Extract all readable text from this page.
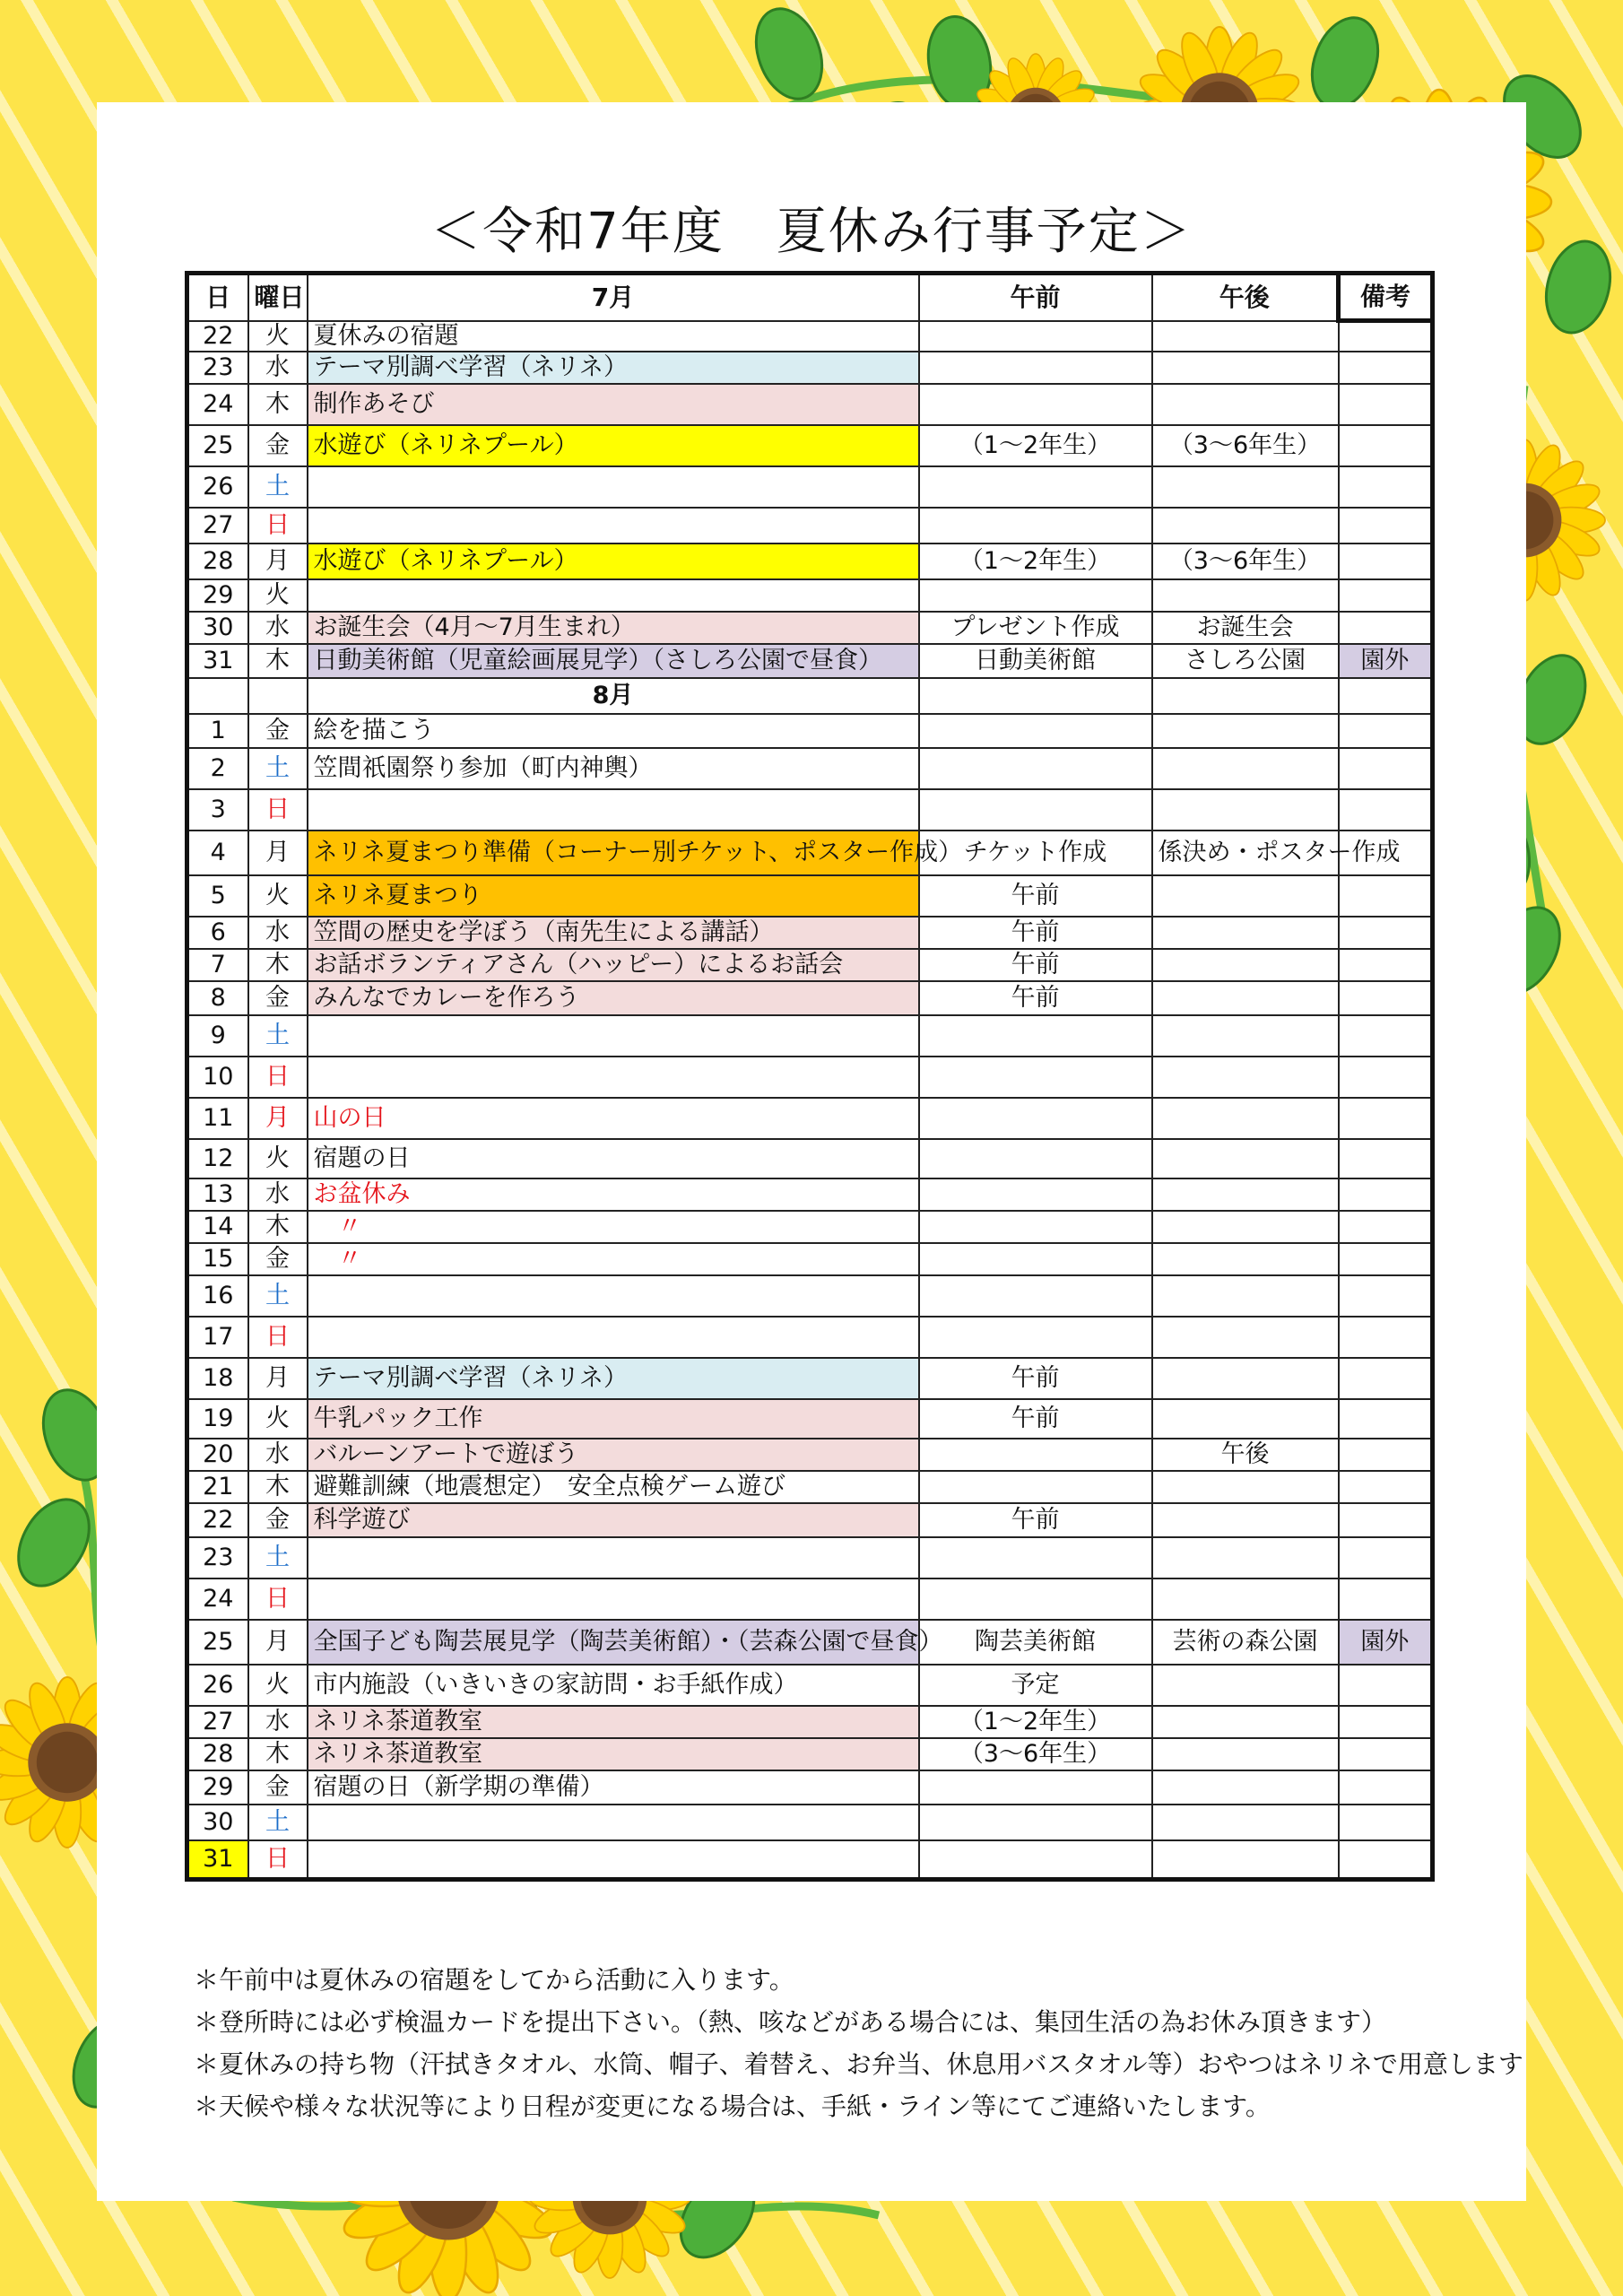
＜令和7年度　夏休み行事予定＞
日	曜日	7月	午前	午後	備考
22	火	夏休みの宿題			
23	水	テーマ別調べ学習（ネリネ）			
24	木	制作あそび			
25	金	水遊び（ネリネプール）	（1～2年生）	（3～6年生）	
26	土				
27	日				
28	月	水遊び（ネリネプール）	（1～2年生）	（3～6年生）	
29	火				
30	水	お誕生会（4月～7月生まれ）	プレゼント作成	お誕生会	
31	木	日動美術館（児童絵画展見学）（さしろ公園で昼食）	日動美術館	さしろ公園	園外
		8月			
1	金	絵を描こう			
2	土	笠間祇園祭り参加（町内神輿）			
3	日				
4	月	ネリネ夏まつり準備（コーナー別チケット、ポスター作成）	チケット作成	係決め・ポスター作成	
5	火	ネリネ夏まつり	午前		
6	水	笠間の歴史を学ぼう（南先生による講話）	午前		
7	木	お話ボランティアさん（ハッピー）によるお話会	午前		
8	金	みんなでカレーを作ろう	午前		
9	土				
10	日				
11	月	山の日			
12	火	宿題の日			
13	水	お盆休み			
14	木	　〃			
15	金	　〃			
16	土				
17	日				
18	月	テーマ別調べ学習（ネリネ）	午前		
19	火	牛乳パック工作	午前		
20	水	バルーンアートで遊ぼう		午後	
21	木	避難訓練（地震想定）　安全点検ゲーム遊び			
22	金	科学遊び	午前		
23	土				
24	日				
25	月	全国子ども陶芸展見学（陶芸美術館）・（芸森公園で昼食）	陶芸美術館	芸術の森公園	園外
26	火	市内施設（いきいきの家訪問・お手紙作成）	予定		
27	水	ネリネ茶道教室	（1～2年生）		
28	木	ネリネ茶道教室	（3～6年生）		
29	金	宿題の日（新学期の準備）			
30	土				
31	日				
＊午前中は夏休みの宿題をしてから活動に入ります。
＊登所時には必ず検温カードを提出下さい。（熱、咳などがある場合には、集団生活の為お休み頂きます）
＊夏休みの持ち物（汗拭きタオル、水筒、帽子、着替え、お弁当、休息用バスタオル等）おやつはネリネで用意します
＊天候や様々な状況等により日程が変更になる場合は、手紙・ライン等にてご連絡いたします。
